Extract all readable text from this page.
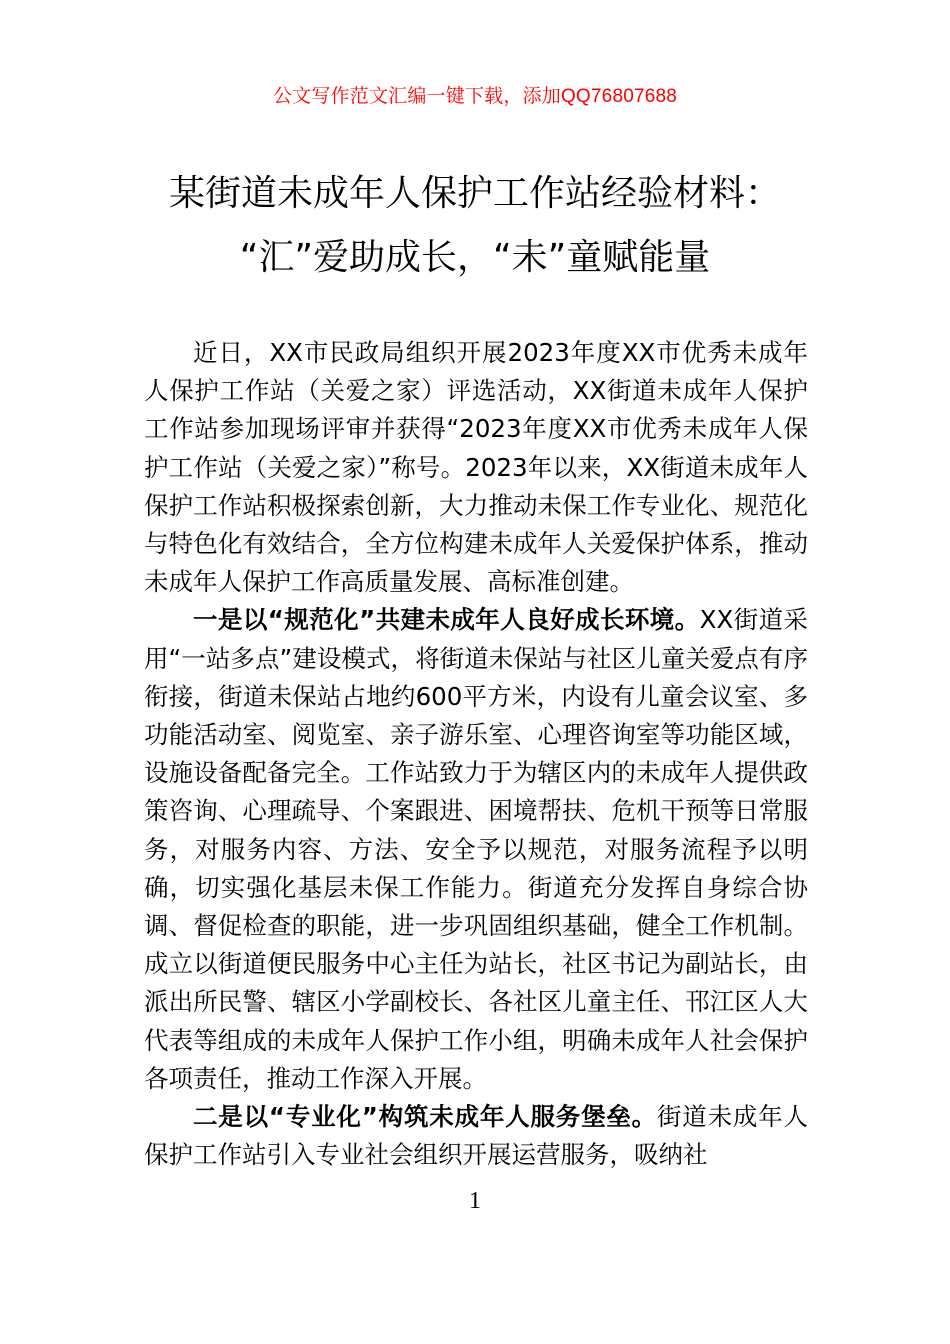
公文写作范文汇编一键下载，添加QQ76807688
某街道未成年人保护工作站经验材料：
“汇”爱助成长，“未”童赋能量

近日，XX市民政局组织开展2023年度XX市优秀未成年人保护工作站（关爱之家）评选活动，XX街道未成年人保护工作站参加现场评审并获得“2023年度XX市优秀未成年人保护工作站（关爱之家）”称号。2023年以来，XX街道未成年人保护工作站积极探索创新，大力推动未保工作专业化、规范化与特色化有效结合，全方位构建未成年人关爱保护体系，推动未成年人保护工作高质量发展、高标准创建。

一是以“规范化”共建未成年人良好成长环境。XX街道采用“一站多点”建设模式，将街道未保站与社区儿童关爱点有序衔接，街道未保站占地约600平方米，内设有儿童会议室、多功能活动室、阅览室、亲子游乐室、心理咨询室等功能区域，设施设备配备完全。工作站致力于为辖区内的未成年人提供政策咨询、心理疏导、个案跟进、困境帮扶、危机干预等日常服务，对服务内容、方法、安全予以规范，对服务流程予以明确，切实强化基层未保工作能力。街道充分发挥自身综合协调、督促检查的职能，进一步巩固组织基础，健全工作机制。成立以街道便民服务中心主任为站长，社区书记为副站长，由派出所民警、辖区小学副校长、各社区儿童主任、邗江区人大代表等组成的未成年人保护工作小组，明确未成年人社会保护各项责任，推动工作深入开展。

二是以“专业化”构筑未成年人服务堡垒。街道未成年人保护工作站引入专业社会组织开展运营服务，吸纳社

1
